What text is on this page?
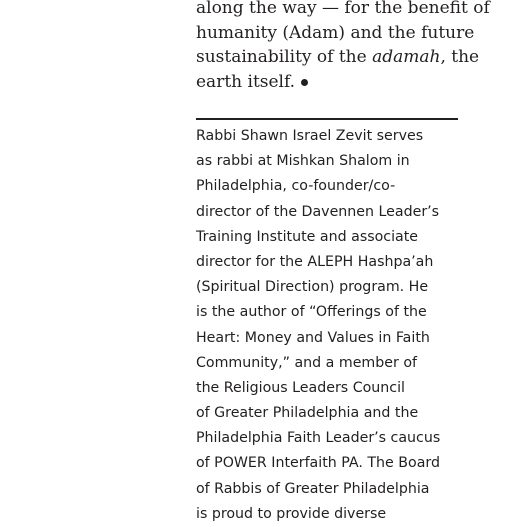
along the way — for the benefit of
humanity (Adam) and the future
sustainability of the adamah, the
earth itself.
Rabbi Shawn Israel Zevit serves
as rabbi at Mishkan Shalom in
Philadelphia, co-founder/co-
director of the Davennen Leader’s
Training Institute and associate
director for the ALEPH Hashpa’ah
(Spiritual Direction) program. He
is the author of “Offerings of the
Heart: Money and Values in Faith
Community,” and a member of
the Religious Leaders Council
of Greater Philadelphia and the
Philadelphia Faith Leader’s caucus
of POWER Interfaith PA. The Board
of Rabbis of Greater Philadelphia
is proud to provide diverse
